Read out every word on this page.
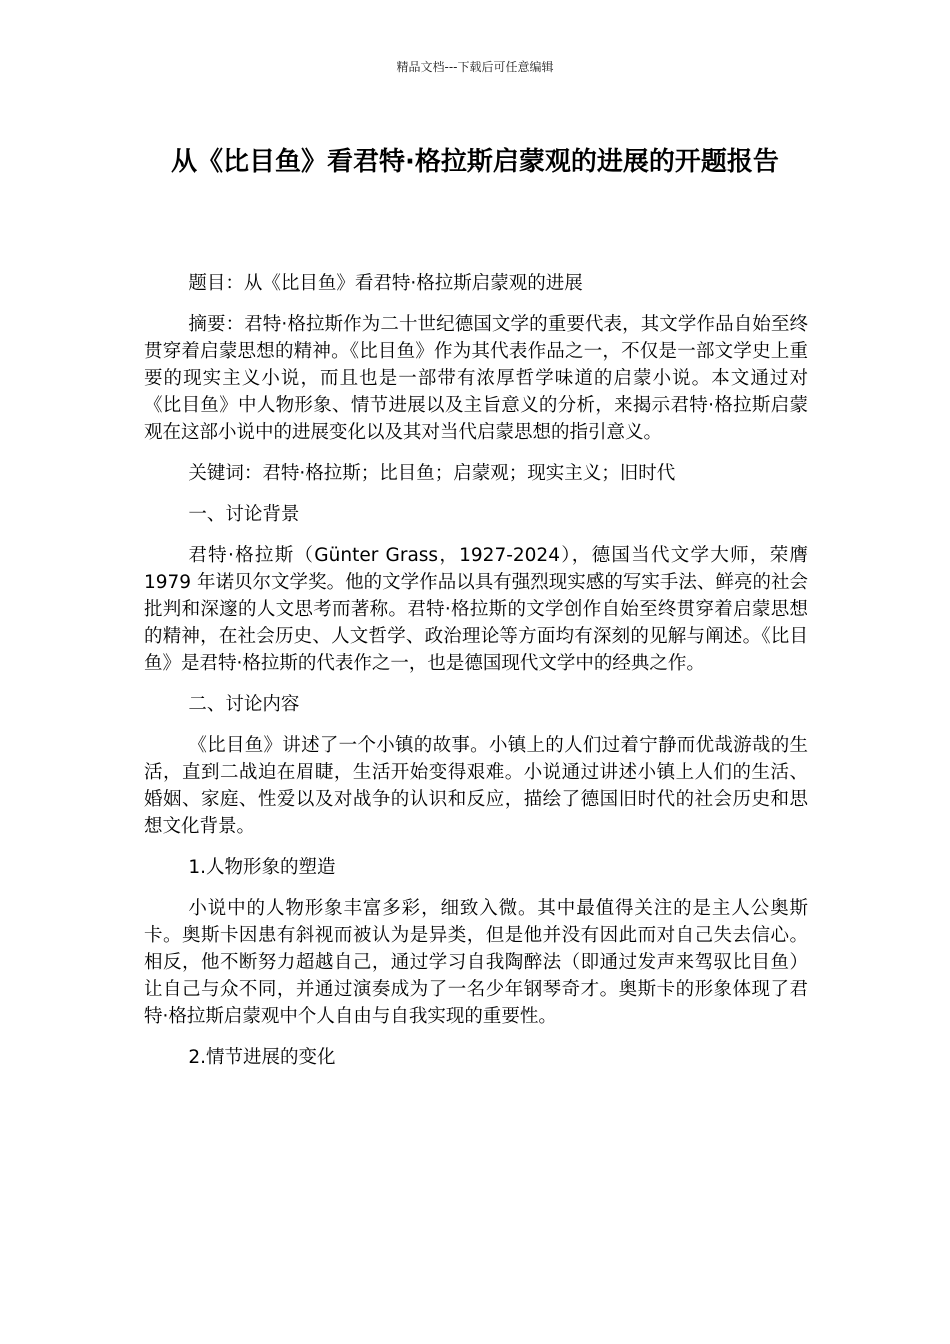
精品文档---下载后可任意编辑
从《比目鱼》看君特·格拉斯启蒙观的进展的开题报告

题目：从《比目鱼》看君特·格拉斯启蒙观的进展

摘要：君特·格拉斯作为二十世纪德国文学的重要代表，其文学作品自始至终贯穿着启蒙思想的精神。《比目鱼》作为其代表作品之一，不仅是一部文学史上重要的现实主义小说，而且也是一部带有浓厚哲学味道的启蒙小说。本文通过对《比目鱼》中人物形象、情节进展以及主旨意义的分析，来揭示君特·格拉斯启蒙观在这部小说中的进展变化以及其对当代启蒙思想的指引意义。

关键词：君特·格拉斯；比目鱼；启蒙观；现实主义；旧时代

一、讨论背景

君特·格拉斯（Günter Grass，1927-2024），德国当代文学大师，荣膺 1979 年诺贝尔文学奖。他的文学作品以具有强烈现实感的写实手法、鲜亮的社会批判和深邃的人文思考而著称。君特·格拉斯的文学创作自始至终贯穿着启蒙思想的精神，在社会历史、人文哲学、政治理论等方面均有深刻的见解与阐述。《比目鱼》是君特·格拉斯的代表作之一，也是德国现代文学中的经典之作。

二、讨论内容

《比目鱼》讲述了一个小镇的故事。小镇上的人们过着宁静而优哉游哉的生活，直到二战迫在眉睫，生活开始变得艰难。小说通过讲述小镇上人们的生活、婚姻、家庭、性爱以及对战争的认识和反应，描绘了德国旧时代的社会历史和思想文化背景。

1.人物形象的塑造

小说中的人物形象丰富多彩，细致入微。其中最值得关注的是主人公奥斯卡。奥斯卡因患有斜视而被认为是异类，但是他并没有因此而对自己失去信心。相反，他不断努力超越自己，通过学习自我陶醉法（即通过发声来驾驭比目鱼）让自己与众不同，并通过演奏成为了一名少年钢琴奇才。奥斯卡的形象体现了君特·格拉斯启蒙观中个人自由与自我实现的重要性。

2.情节进展的变化
